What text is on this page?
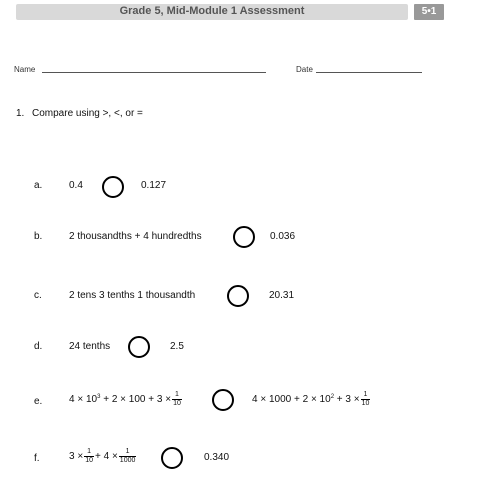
Grade 5, Mid-Module 1 Assessment	5•1
Name	Date
1. Compare using >, <, or =
a.	0.4	0.127
b.	2 thousandths + 4 hundredths	0.036
c.	2 tens 3 tenths 1 thousandth	20.31
d.	24 tenths	2.5
e.	$4 \times 10^3 + 2 \times 100 + 3 \times \frac{1}{10}$	$4 \times 1000 + 2 \times 10^2 + 3 \times \frac{1}{10}$
f.	$3 \times \frac{1}{10} + 4 \times \frac{1}{1000}$	0.340
